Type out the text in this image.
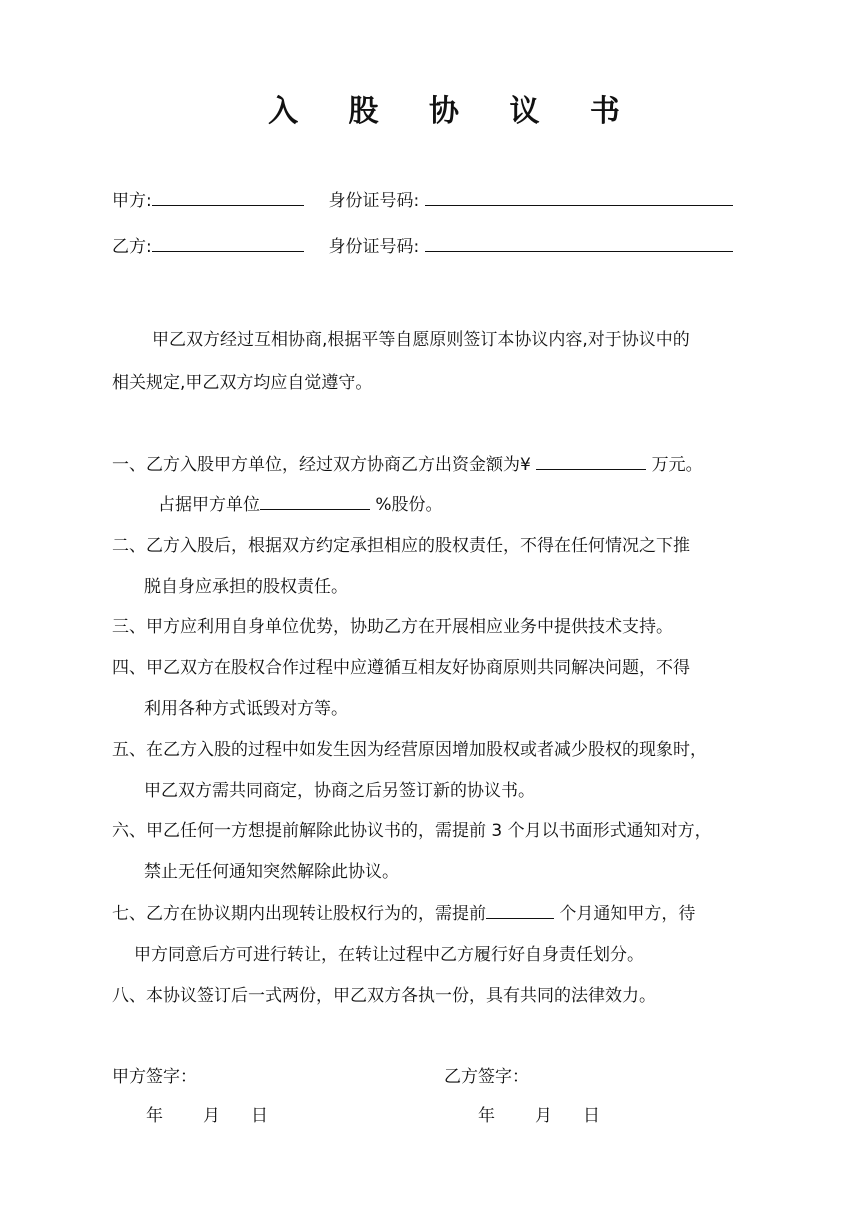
入 股 协 议 书
甲方:	身份证号码:
乙方:	身份证号码:
甲乙双方经过互相协商,根据平等自愿原则签订本协议内容,对于协议中的
相关规定,甲乙双方均应自觉遵守。
一、乙方入股甲方单位，经过双方协商乙方出资金额为¥	万元。
占据甲方单位	%股份。
二、乙方入股后，根据双方约定承担相应的股权责任，不得在任何情况之下推
脱自身应承担的股权责任。
三、甲方应利用自身单位优势，协助乙方在开展相应业务中提供技术支持。
四、甲乙双方在股权合作过程中应遵循互相友好协商原则共同解决问题，不得
利用各种方式诋毁对方等。
五、在乙方入股的过程中如发生因为经营原因增加股权或者减少股权的现象时，
甲乙双方需共同商定，协商之后另签订新的协议书。
六、甲乙任何一方想提前解除此协议书的，需提前 3 个月以书面形式通知对方，
禁止无任何通知突然解除此协议。
七、乙方在协议期内出现转让股权行为的，需提前	个月通知甲方，待
甲方同意后方可进行转让，在转让过程中乙方履行好自身责任划分。
八、本协议签订后一式两份，甲乙双方各执一份，具有共同的法律效力。
甲方签字：	乙方签字：
年 月 日	年 月 日
